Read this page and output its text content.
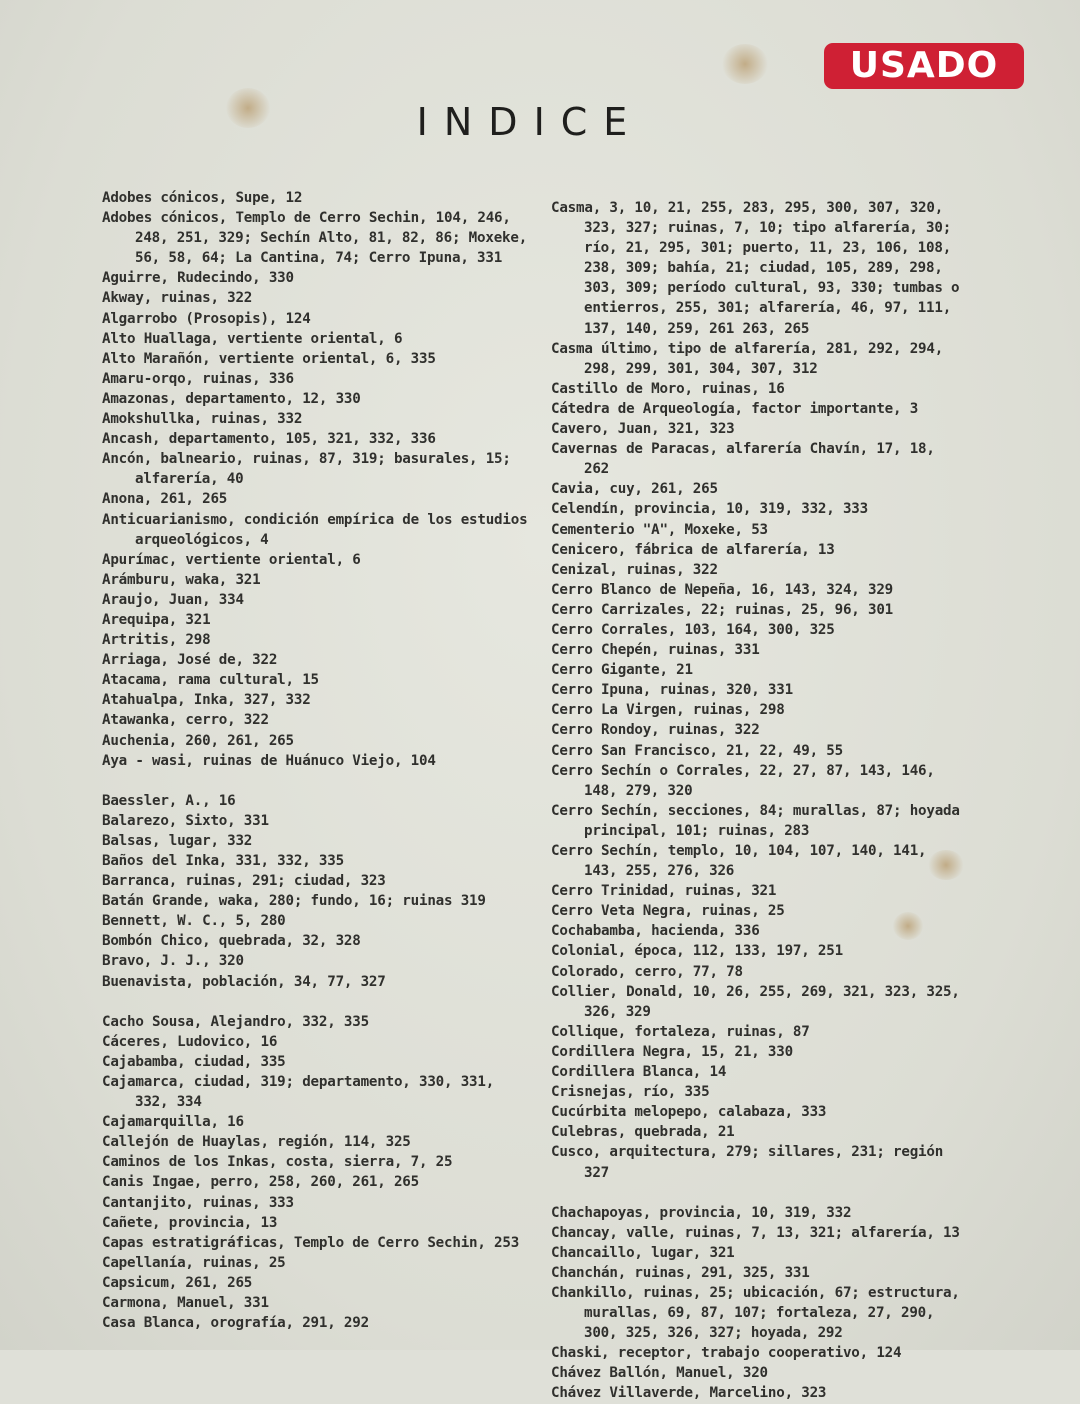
USADO
INDICE
Adobes cónicos, Supe, 12
Adobes cónicos, Templo de Cerro Sechin, 104, 246, 248, 251, 329; Sechín Alto, 81, 82, 86; Moxeke, 56, 58, 64; La Cantina, 74; Cerro Ipuna, 331
Aguirre, Rudecindo, 330
Akway, ruinas, 322
Algarrobo (Prosopis), 124
Alto Huallaga, vertiente oriental, 6
Alto Marañón, vertiente oriental, 6, 335
Amaru-orqo, ruinas, 336
Amazonas, departamento, 12, 330
Amokshullka, ruinas, 332
Ancash, departamento, 105, 321, 332, 336
Ancón, balneario, ruinas, 87, 319; basurales, 15; alfarería, 40
Anona, 261, 265
Anticuarianismo, condición empírica de los estudios arqueológicos, 4
Apurímac, vertiente oriental, 6
Arámburu, waka, 321
Araujo, Juan, 334
Arequipa, 321
Artritis, 298
Arriaga, José de, 322
Atacama, rama cultural, 15
Atahualpa, Inka, 327, 332
Atawanka, cerro, 322
Auchenia, 260, 261, 265
Aya - wasi, ruinas de Huánuco Viejo, 104
Baessler, A., 16
Balarezo, Sixto, 331
Balsas, lugar, 332
Baños del Inka, 331, 332, 335
Barranca, ruinas, 291; ciudad, 323
Batán Grande, waka, 280; fundo, 16; ruinas 319
Bennett, W. C., 5, 280
Bombón Chico, quebrada, 32, 328
Bravo, J. J., 320
Buenavista, población, 34, 77, 327
Cacho Sousa, Alejandro, 332, 335
Cáceres, Ludovico, 16
Cajabamba, ciudad, 335
Cajamarca, ciudad, 319; departamento, 330, 331, 332, 334
Cajamarquilla, 16
Callejón de Huaylas, región, 114, 325
Caminos de los Inkas, costa, sierra, 7, 25
Canis Ingae, perro, 258, 260, 261, 265
Cantanjito, ruinas, 333
Cañete, provincia, 13
Capas estratigráficas, Templo de Cerro Sechin, 253
Capellanía, ruinas, 25
Capsicum, 261, 265
Carmona, Manuel, 331
Casa Blanca, orografía, 291, 292
Casma, 3, 10, 21, 255, 283, 295, 300, 307, 320, 323, 327; ruinas, 7, 10; tipo alfarería, 30; río, 21, 295, 301; puerto, 11, 23, 106, 108, 238, 309; bahía, 21; ciudad, 105, 289, 298, 303, 309; período cultural, 93, 330; tumbas o entierros, 255, 301; alfarería, 46, 97, 111, 137, 140, 259, 261 263, 265
Casma último, tipo de alfarería, 281, 292, 294, 298, 299, 301, 304, 307, 312
Castillo de Moro, ruinas, 16
Cátedra de Arqueología, factor importante, 3
Cavero, Juan, 321, 323
Cavernas de Paracas, alfarería Chavín, 17, 18, 262
Cavia, cuy, 261, 265
Celendín, provincia, 10, 319, 332, 333
Cementerio "A", Moxeke, 53
Cenicero, fábrica de alfarería, 13
Cenizal, ruinas, 322
Cerro Blanco de Nepeña, 16, 143, 324, 329
Cerro Carrizales, 22; ruinas, 25, 96, 301
Cerro Corrales, 103, 164, 300, 325
Cerro Chepén, ruinas, 331
Cerro Gigante, 21
Cerro Ipuna, ruinas, 320, 331
Cerro La Virgen, ruinas, 298
Cerro Rondoy, ruinas, 322
Cerro San Francisco, 21, 22, 49, 55
Cerro Sechín o Corrales, 22, 27, 87, 143, 146, 148, 279, 320
Cerro Sechín, secciones, 84; murallas, 87; hoyada principal, 101; ruinas, 283
Cerro Sechín, templo, 10, 104, 107, 140, 141, 143, 255, 276, 326
Cerro Trinidad, ruinas, 321
Cerro Veta Negra, ruinas, 25
Cochabamba, hacienda, 336
Colonial, época, 112, 133, 197, 251
Colorado, cerro, 77, 78
Collier, Donald, 10, 26, 255, 269, 321, 323, 325, 326, 329
Collique, fortaleza, ruinas, 87
Cordillera Negra, 15, 21, 330
Cordillera Blanca, 14
Crisnejas, río, 335
Cucúrbita melopepo, calabaza, 333
Culebras, quebrada, 21
Cusco, arquitectura, 279; sillares, 231; región 327
Chachapoyas, provincia, 10, 319, 332
Chancay, valle, ruinas, 7, 13, 321; alfarería, 13
Chancaillo, lugar, 321
Chanchán, ruinas, 291, 325, 331
Chankillo, ruinas, 25; ubicación, 67; estructura, murallas, 69, 87, 107; fortaleza, 27, 290, 300, 325, 326, 327; hoyada, 292
Chaski, receptor, trabajo cooperativo, 124
Chávez Ballón, Manuel, 320
Chávez Villaverde, Marcelino, 323
